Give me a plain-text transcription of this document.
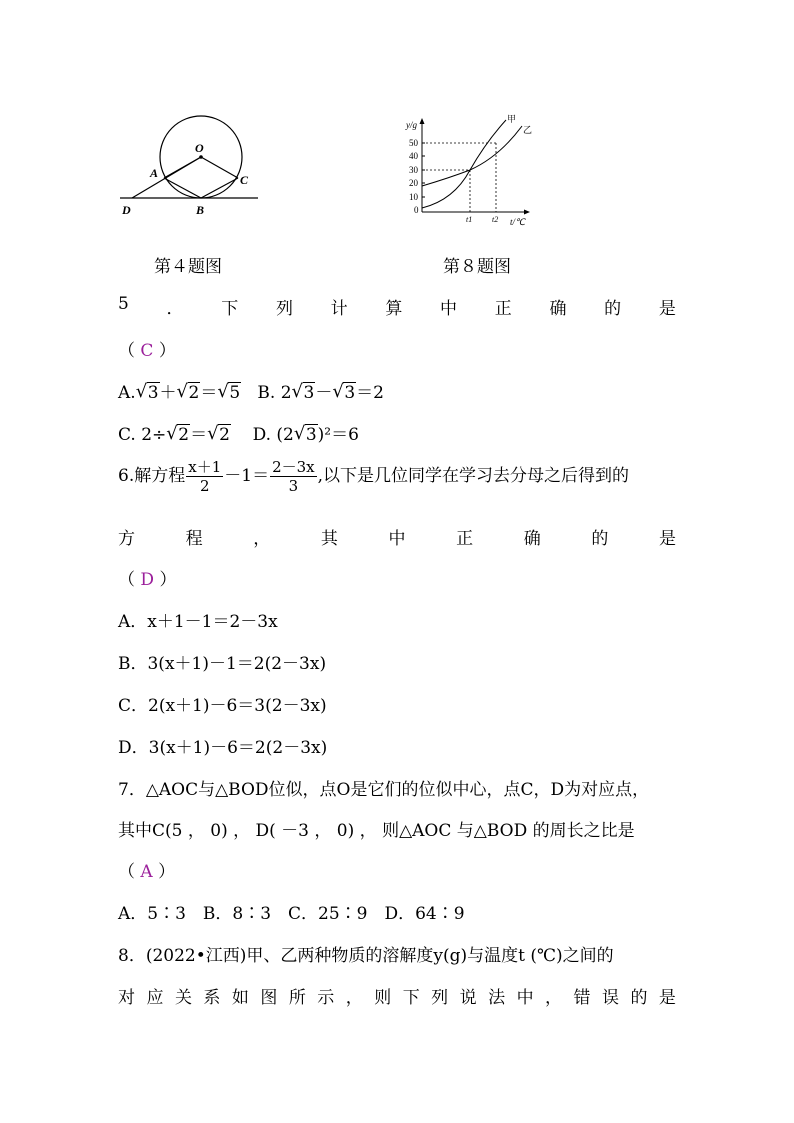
O
A	C
D	B
y/g
t/℃
50
40
30
20
10
0
t1 t2
甲
乙
第４题图	第８题图
5 ． 下 列 计 算 中 正 确 的 是
（ C ）
A. √ 3＋ √ 2＝ √ 5 B. 2 √ 3－ √ 3＝2
C. 2÷ √ 2＝ √ 2 D. (2 √ 3)²＝6
6.解方程 $\frac{x+1}{2} -1= \frac{2-3x}{3}$ ,以下是几位同学在学习去分母之后得到的
方	程	，	其	中	正	确	的	是
（ D ）
A．x＋1－1＝2－3x
B．3(x＋1)－1＝2(2－3x)
C．2(x＋1)－6＝3(2－3x)
D．3(x＋1)－6＝2(2－3x)
7．△AOC与△BOD位似，点O是它们的位似中心，点C，D为对应点，
其中C(5 ， 0) ， D( －3 ， 0) ， 则△AOC 与△BOD 的周长之比是
（ A ）
A．5∶3　B．8∶3　C．25∶9　D．64∶9
8．(2022•江西)甲、乙两种物质的溶解度y(g)与温度t (℃)之间的
对 应 关 系 如 图 所 示 ， 则 下 列 说 法 中 ， 错 误 的 是
